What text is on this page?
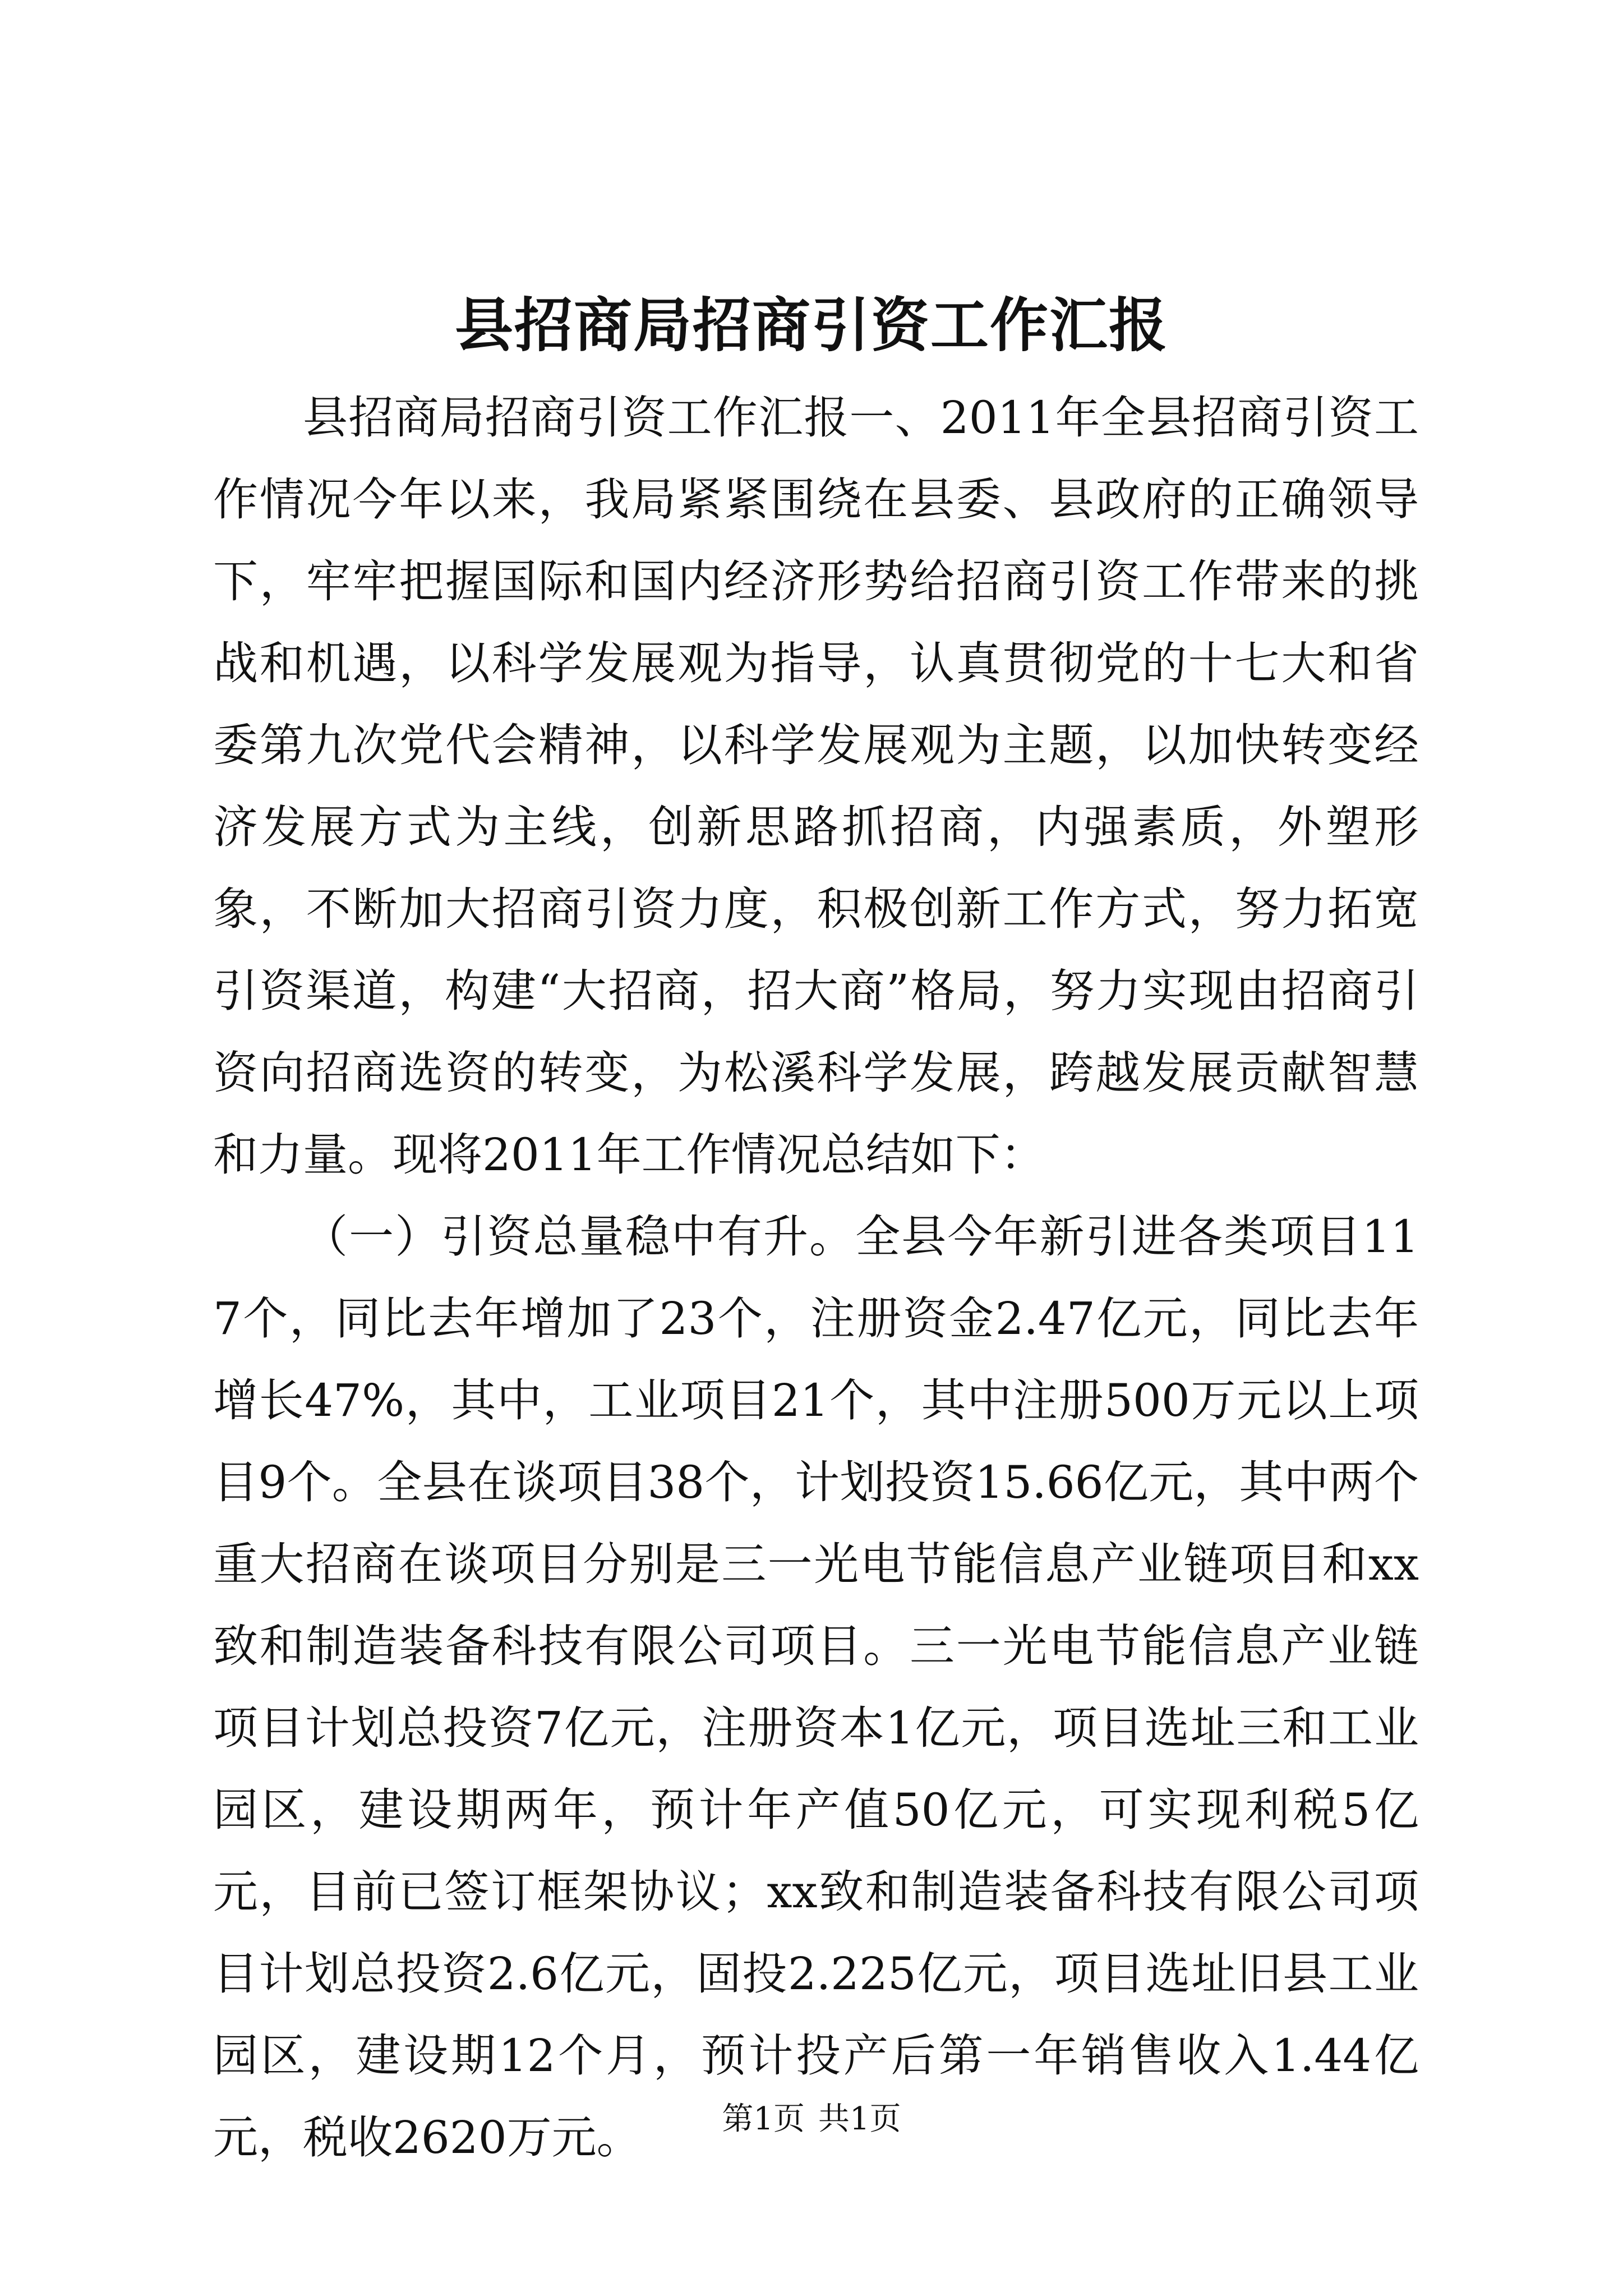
县招商局招商引资工作汇报

县招商局招商引资工作汇报一、2011年全县招商引资工作情况今年以来，我局紧紧围绕在县委、县政府的正确领导下，牢牢把握国际和国内经济形势给招商引资工作带来的挑战和机遇，以科学发展观为指导，认真贯彻党的十七大和省委第九次党代会精神，以科学发展观为主题，以加快转变经济发展方式为主线，创新思路抓招商，内强素质，外塑形象，不断加大招商引资力度，积极创新工作方式，努力拓宽引资渠道，构建“大招商，招大商”格局，努力实现由招商引资向招商选资的转变，为松溪科学发展，跨越发展贡献智慧和力量。现将2011年工作情况总结如下：

（一）引资总量稳中有升。全县今年新引进各类项目117个，同比去年增加了23个，注册资金2.47亿元，同比去年增长47%，其中，工业项目21个，其中注册500万元以上项目9个。全县在谈项目38个，计划投资15.66亿元，其中两个重大招商在谈项目分别是三一光电节能信息产业链项目和xx致和制造装备科技有限公司项目。三一光电节能信息产业链项目计划总投资7亿元，注册资本1亿元，项目选址三和工业园区，建设期两年，预计年产值50亿元，可实现利税5亿元，目前已签订框架协议；xx致和制造装备科技有限公司项目计划总投资2.6亿元，固投2.225亿元，项目选址旧县工业园区，建设期12个月，预计投产后第一年销售收入1.44亿元，税收2620万元。	第1页 共1页
